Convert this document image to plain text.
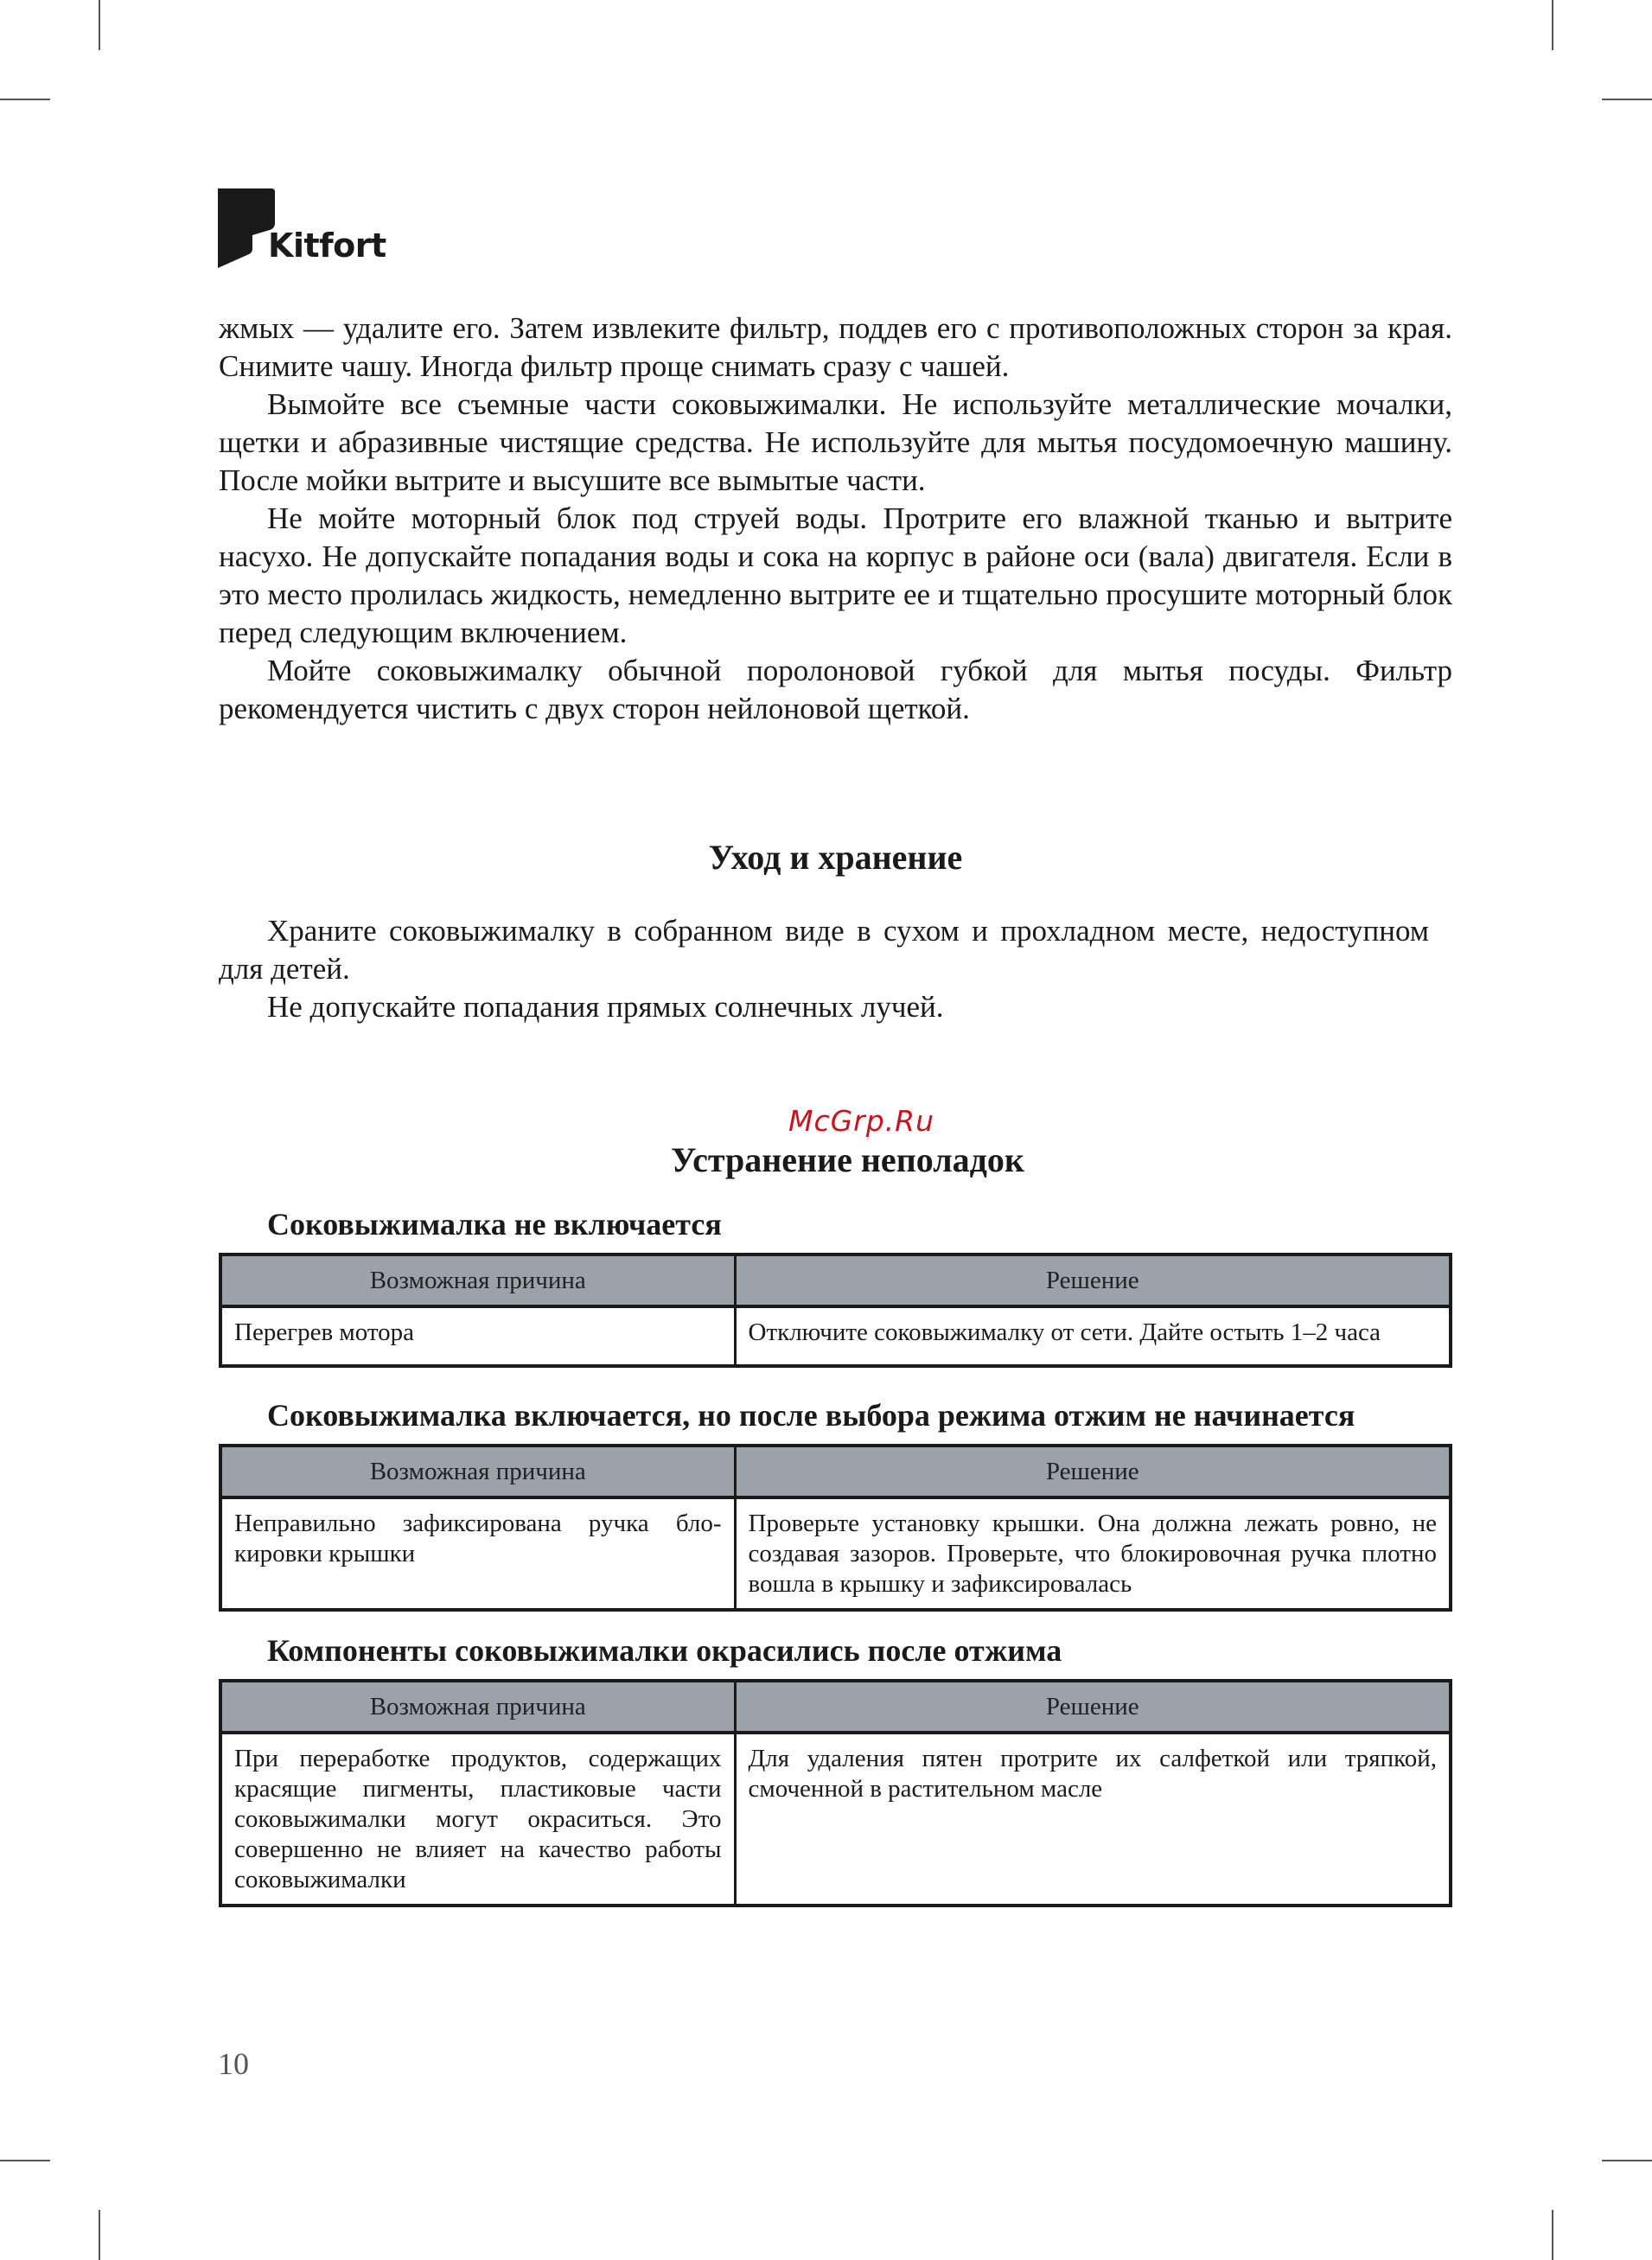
Kitfort

жмых — удалите его. Затем извлеките фильтр, поддев его с противоположных сторон за края. Снимите чашу. Иногда фильтр проще снимать сразу с чашей.

Вымойте все съемные части соковыжималки. Не используйте металлические мочалки, щетки и абразивные чистящие средства. Не используйте для мытья посудомоечную машину. После мойки вытрите и высушите все вымытые части.

Не мойте моторный блок под струей воды. Протрите его влажной тканью и вытрите насухо. Не допускайте попадания воды и сока на корпус в районе оси (вала) двигателя. Если в это место пролилась жидкость, немедленно вытрите ее и тщательно просушите моторный блок перед следующим включением.

Мойте соковыжималку обычной поролоновой губкой для мытья посуды. Фильтр рекомендуется чистить с двух сторон нейлоновой щеткой.

Уход и хранение

Храните соковыжималку в собранном виде в сухом и прохладном месте, недоступном для детей.

Не допускайте попадания прямых солнечных лучей.

McGrp.Ru

Устранение неполадок

Соковыжималка не включается

Возможная причина	Решение
Перегрев мотора	Отключите соковыжималку от сети. Дайте остыть 1–2 часа

Соковыжималка включается, но после выбора режима отжим не начинается

Возможная причина	Решение
Неправильно зафиксирована ручка блокировки крышки	Проверьте установку крышки. Она должна лежать ровно, не создавая зазоров. Проверьте, что блокировочная ручка плотно вошла в крышку и зафиксировалась

Компоненты соковыжималки окрасились после отжима

Возможная причина	Решение
При переработке продуктов, содержащих красящие пигменты, пластиковые части соковыжималки могут окраситься. Это совершенно не влияет на качество работы соковыжималки	Для удаления пятен протрите их салфеткой или тряпкой, смоченной в растительном масле
10
